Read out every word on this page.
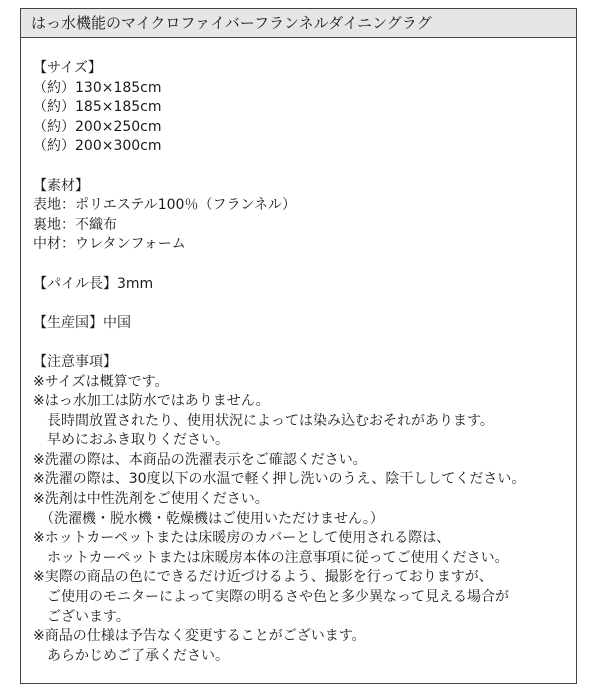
はっ水機能のマイクロファイバーフランネルダイニングラグ
【サイズ】
（約）130×185cm
（約）185×185cm
（約）200×250cm
（約）200×300cm
【素材】
表地：ポリエステル100％（フランネル）
裏地：不織布
中材：ウレタンフォーム
【パイル長】3mm
【生産国】中国
【注意事項】
※サイズは概算です。
※はっ水加工は防水ではありません。
　長時間放置されたり、使用状況によっては染み込むおそれがあります。
　早めにおふき取りください。
※洗濯の際は、本商品の洗濯表示をご確認ください。
※洗濯の際は、30度以下の水温で軽く押し洗いのうえ、陰干ししてください。
※洗剤は中性洗剤をご使用ください。
　（洗濯機・脱水機・乾燥機はご使用いただけません。）
※ホットカーペットまたは床暖房のカバーとして使用される際は、
　ホットカーペットまたは床暖房本体の注意事項に従ってご使用ください。
※実際の商品の色にできるだけ近づけるよう、撮影を行っておりますが、
　ご使用のモニターによって実際の明るさや色と多少異なって見える場合が
　ございます。
※商品の仕様は予告なく変更することがございます。
　あらかじめご了承ください。
